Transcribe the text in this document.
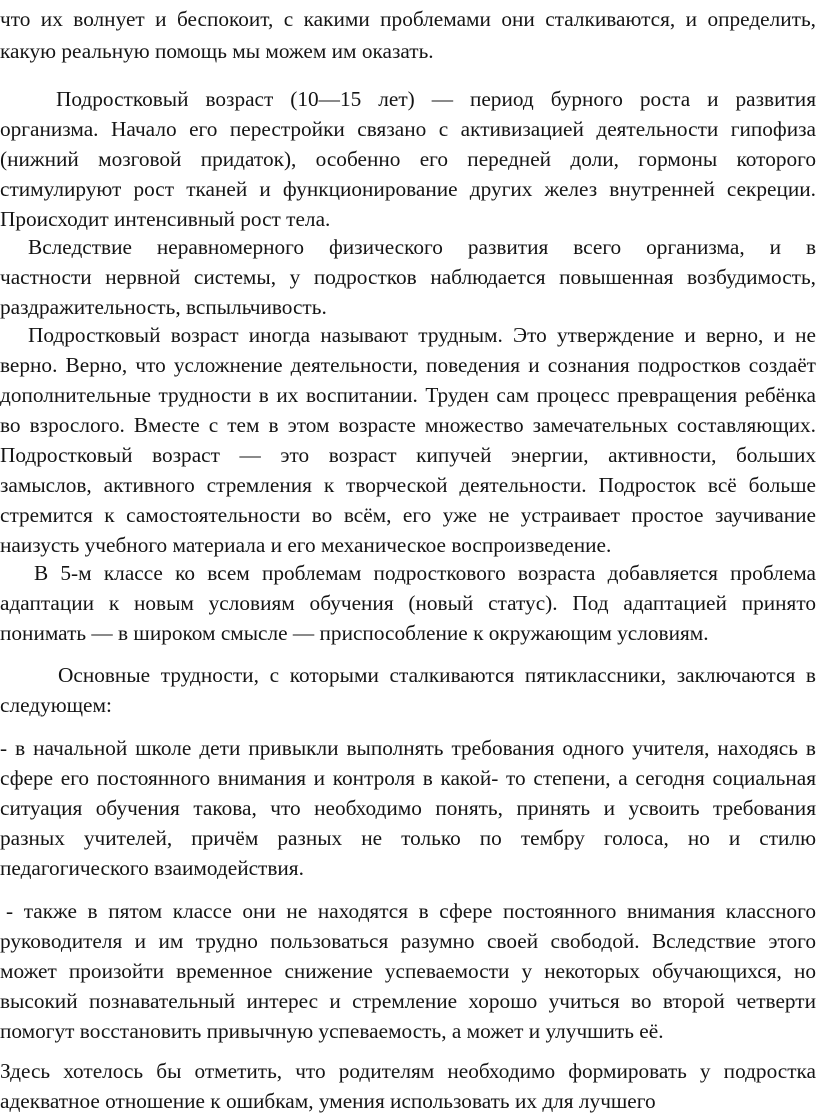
что их волнует и беспокоит, с какими проблемами они сталкиваются, и определить,
какую реальную помощь мы можем им оказать.
Подростковый возраст (10—15 лет) — период бурного роста и развития
организма. Начало его перестройки связано с активизацией деятельности гипофиза
(нижний мозговой придаток), особенно его передней доли, гормоны которого
стимулируют рост тканей и функционирование других желез внутренней секреции.
Происходит интенсивный рост тела.
Вследствие неравномерного физического развития всего организма, и в
частности нервной системы, у подростков наблюдается повышенная возбудимость,
раздражительность, вспыльчивость.
Подростковый возраст иногда называют трудным. Это утверждение и верно, и не
верно. Верно, что усложнение деятельности, поведения и сознания подростков создаёт
дополнительные трудности в их воспитании. Труден сам процесс превращения ребёнка
во взрослого. Вместе с тем в этом возрасте множество замечательных составляющих.
Подростковый возраст — это возраст кипучей энергии, активности, больших
замыслов, активного стремления к творческой деятельности. Подросток всё больше
стремится к самостоятельности во всём, его уже не устраивает простое заучивание
наизусть учебного материала и его механическое воспроизведение.
В 5-м классе ко всем проблемам подросткового возраста добавляется проблема
адаптации к новым условиям обучения (новый статус). Под адаптацией принято
понимать — в широком смысле — приспособление к окружающим условиям.
Основные трудности, с которыми сталкиваются пятиклассники, заключаются в
следующем:
- в начальной школе дети привыкли выполнять требования одного учителя, находясь в
сфере его постоянного внимания и контроля в какой- то степени, а сегодня социальная
ситуация обучения такова, что необходимо понять, принять и усвоить требования
разных учителей, причём разных не только по тембру голоса, но и стилю
педагогического взаимодействия.
- также в пятом классе они не находятся в сфере постоянного внимания классного
руководителя и им трудно пользоваться разумно своей свободой. Вследствие этого
может произойти временное снижение успеваемости у некоторых обучающихся, но
высокий познавательный интерес и стремление хорошо учиться во второй четверти
помогут восстановить привычную успеваемость, а может и улучшить её.
Здесь хотелось бы отметить, что родителям необходимо формировать у подростка
адекватное отношение к ошибкам, умения использовать их для лучшего
